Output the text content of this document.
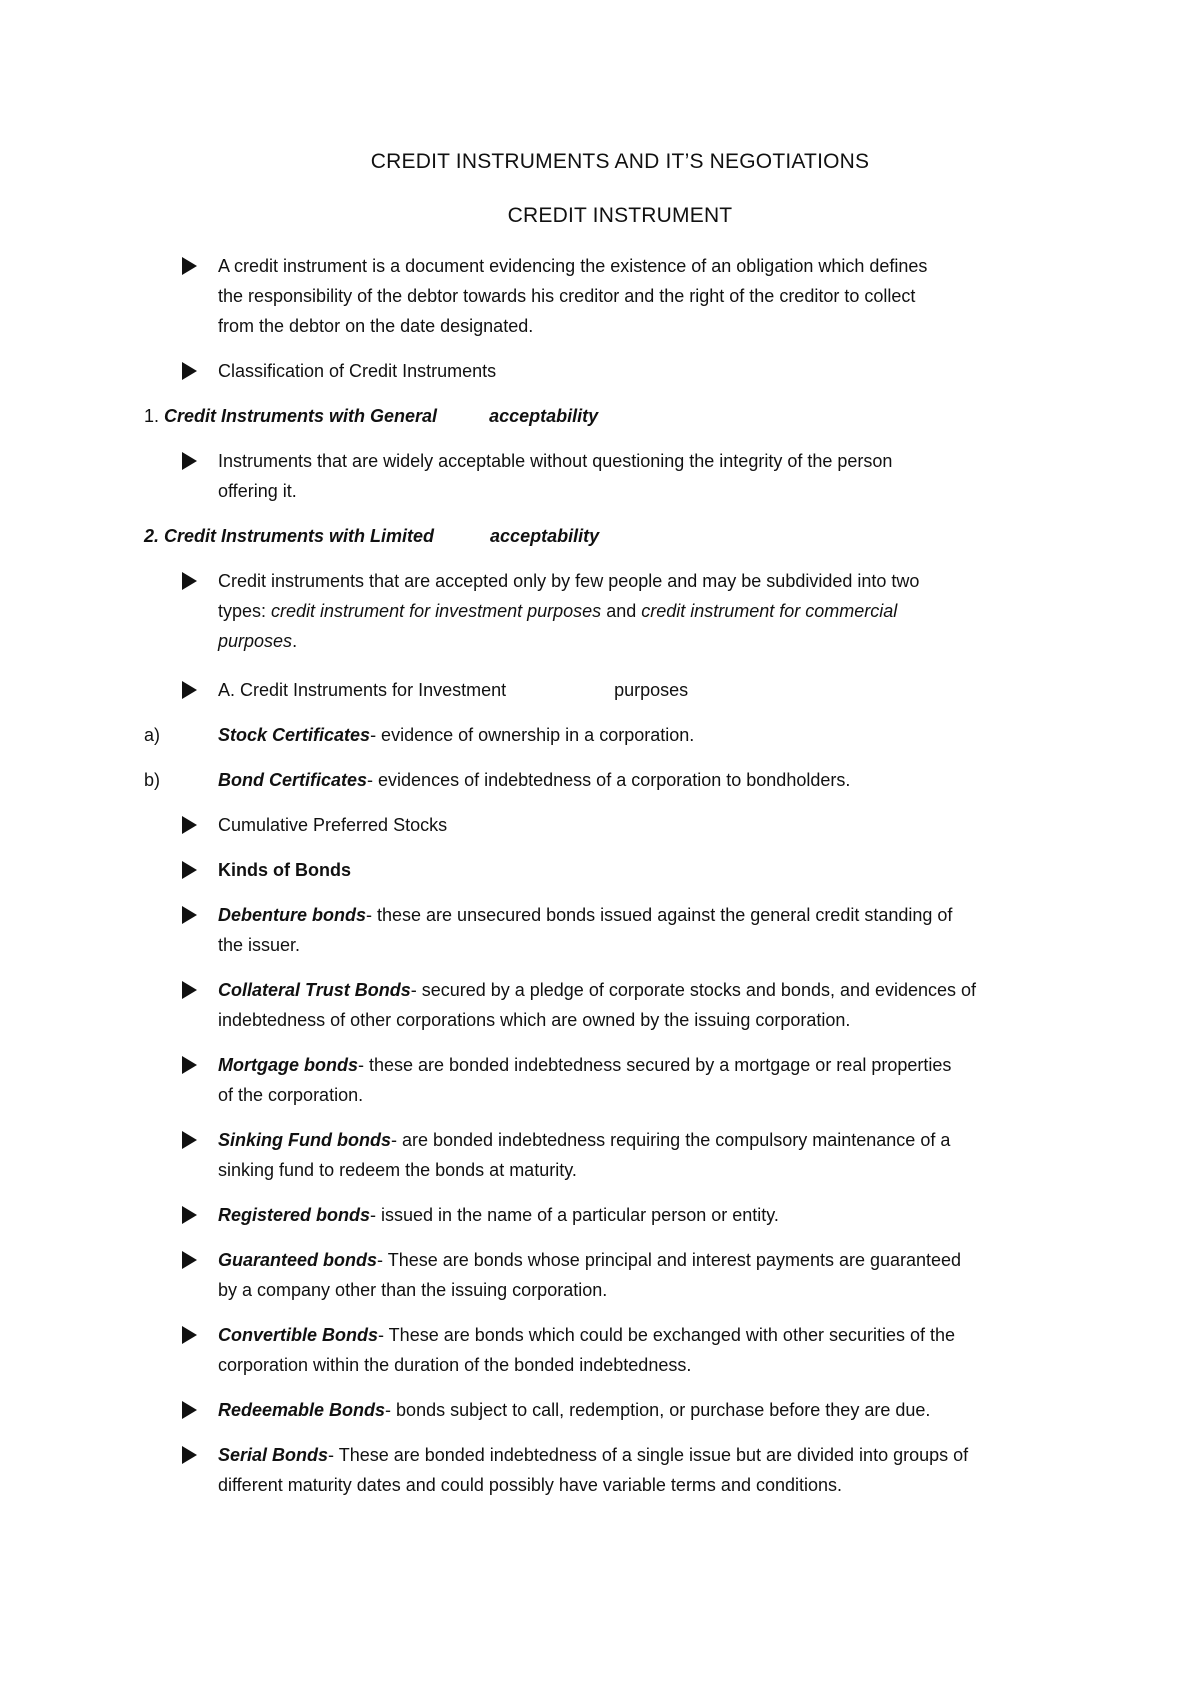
CREDIT INSTRUMENTS AND IT’S NEGOTIATIONS
CREDIT INSTRUMENT
A credit instrument is a document evidencing the existence of an obligation which defines
the responsibility of the debtor towards his creditor and the right of the creditor to collect
from the debtor on the date designated.
Classification of Credit Instruments
1. Credit Instruments with General	acceptability
Instruments that are widely acceptable without questioning the integrity of the person
offering it.
2. Credit Instruments with Limited	acceptability
Credit instruments that are accepted only by few people and may be subdivided into two
types: credit instrument for investment purposes and credit instrument for commercial
purposes.
A. Credit Instruments for Investment	purposes
a)	Stock Certificates- evidence of ownership in a corporation.
b)	Bond Certificates- evidences of indebtedness of a corporation to bondholders.
Cumulative Preferred Stocks
Kinds of Bonds
Debenture bonds- these are unsecured bonds issued against the general credit standing of
the issuer.
Collateral Trust Bonds- secured by a pledge of corporate stocks and bonds, and evidences of
indebtedness of other corporations which are owned by the issuing corporation.
Mortgage bonds- these are bonded indebtedness secured by a mortgage or real properties
of the corporation.
Sinking Fund bonds- are bonded indebtedness requiring the compulsory maintenance of a
sinking fund to redeem the bonds at maturity.
Registered bonds- issued in the name of a particular person or entity.
Guaranteed bonds- These are bonds whose principal and interest payments are guaranteed
by a company other than the issuing corporation.
Convertible Bonds- These are bonds which could be exchanged with other securities of the
corporation within the duration of the bonded indebtedness.
Redeemable Bonds- bonds subject to call, redemption, or purchase before they are due.
Serial Bonds- These are bonded indebtedness of a single issue but are divided into groups of
different maturity dates and could possibly have variable terms and conditions.
